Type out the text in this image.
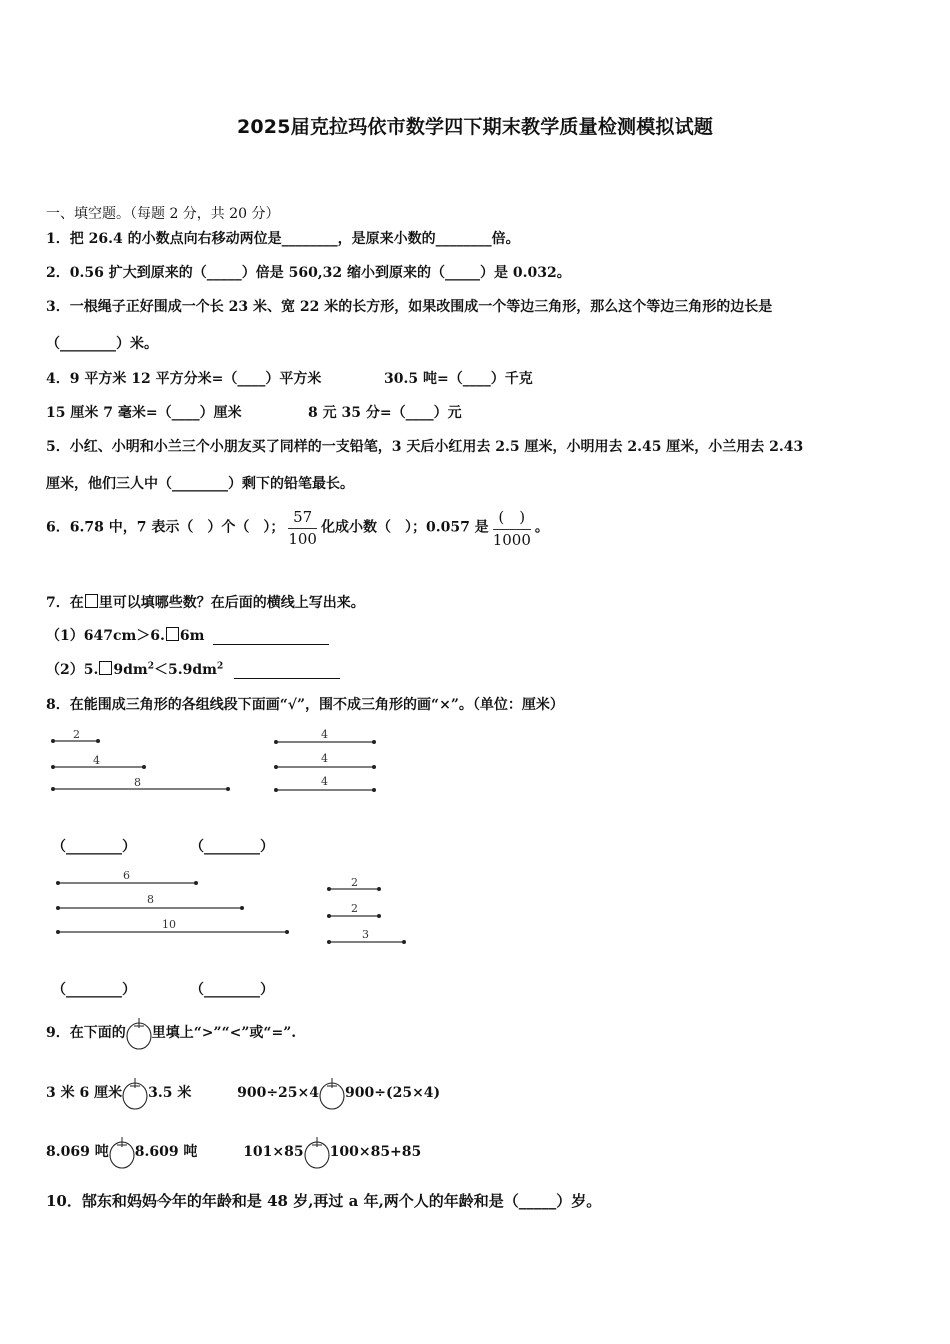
2025届克拉玛依市数学四下期末教学质量检测模拟试题
一、填空题。（每题 2 分，共 20 分）
1．把 26.4 的小数点向右移动两位是________，是原来小数的________倍。
2．0.56 扩大到原来的（_____）倍是 560,32 缩小到原来的（_____）是 0.032。
3．一根绳子正好围成一个长 23 米、宽 22 米的长方形，如果改围成一个等边三角形，那么这个等边三角形的边长是
（________）米。
4．9 平方米 12 平方分米=（____）平方米	30.5 吨=（____）千克
15 厘米 7 毫米=（____）厘米	8 元 35 分=（____）元
5．小红、小明和小兰三个小朋友买了同样的一支铅笔，3 天后小红用去 2.5 厘米，小明用去 2.45 厘米，小兰用去 2.43
厘米，他们三人中（________）剩下的铅笔最长。
6．6.78 中，7 表示（　）个（　）； $\frac{57}{100}$ 化成小数（　）；0.057 是 $\frac{( )}{1000}$ 。
7．在 里可以填哪些数？在后面的横线上写出来。
（1）647cm＞6. 6m
（2）5. $9dm^2<5.9dm^2$
8．在能围成三角形的各组线段下面画“√”，围不成三角形的画“×”。（单位：厘米）
2
4
8
4
4
4
（________）	（________）
6
8
10
2
2
3
（________）	（________）
9．在下面的 里填上“>”“<”或“=”.
3 米 6 厘米 3.5 米	900÷25×4 900÷(25×4)
8.069 吨 8.609 吨	101×85 100×85+85
10．郜东和妈妈今年的年龄和是 48 岁,再过 a 年,两个人的年龄和是（_____）岁。
